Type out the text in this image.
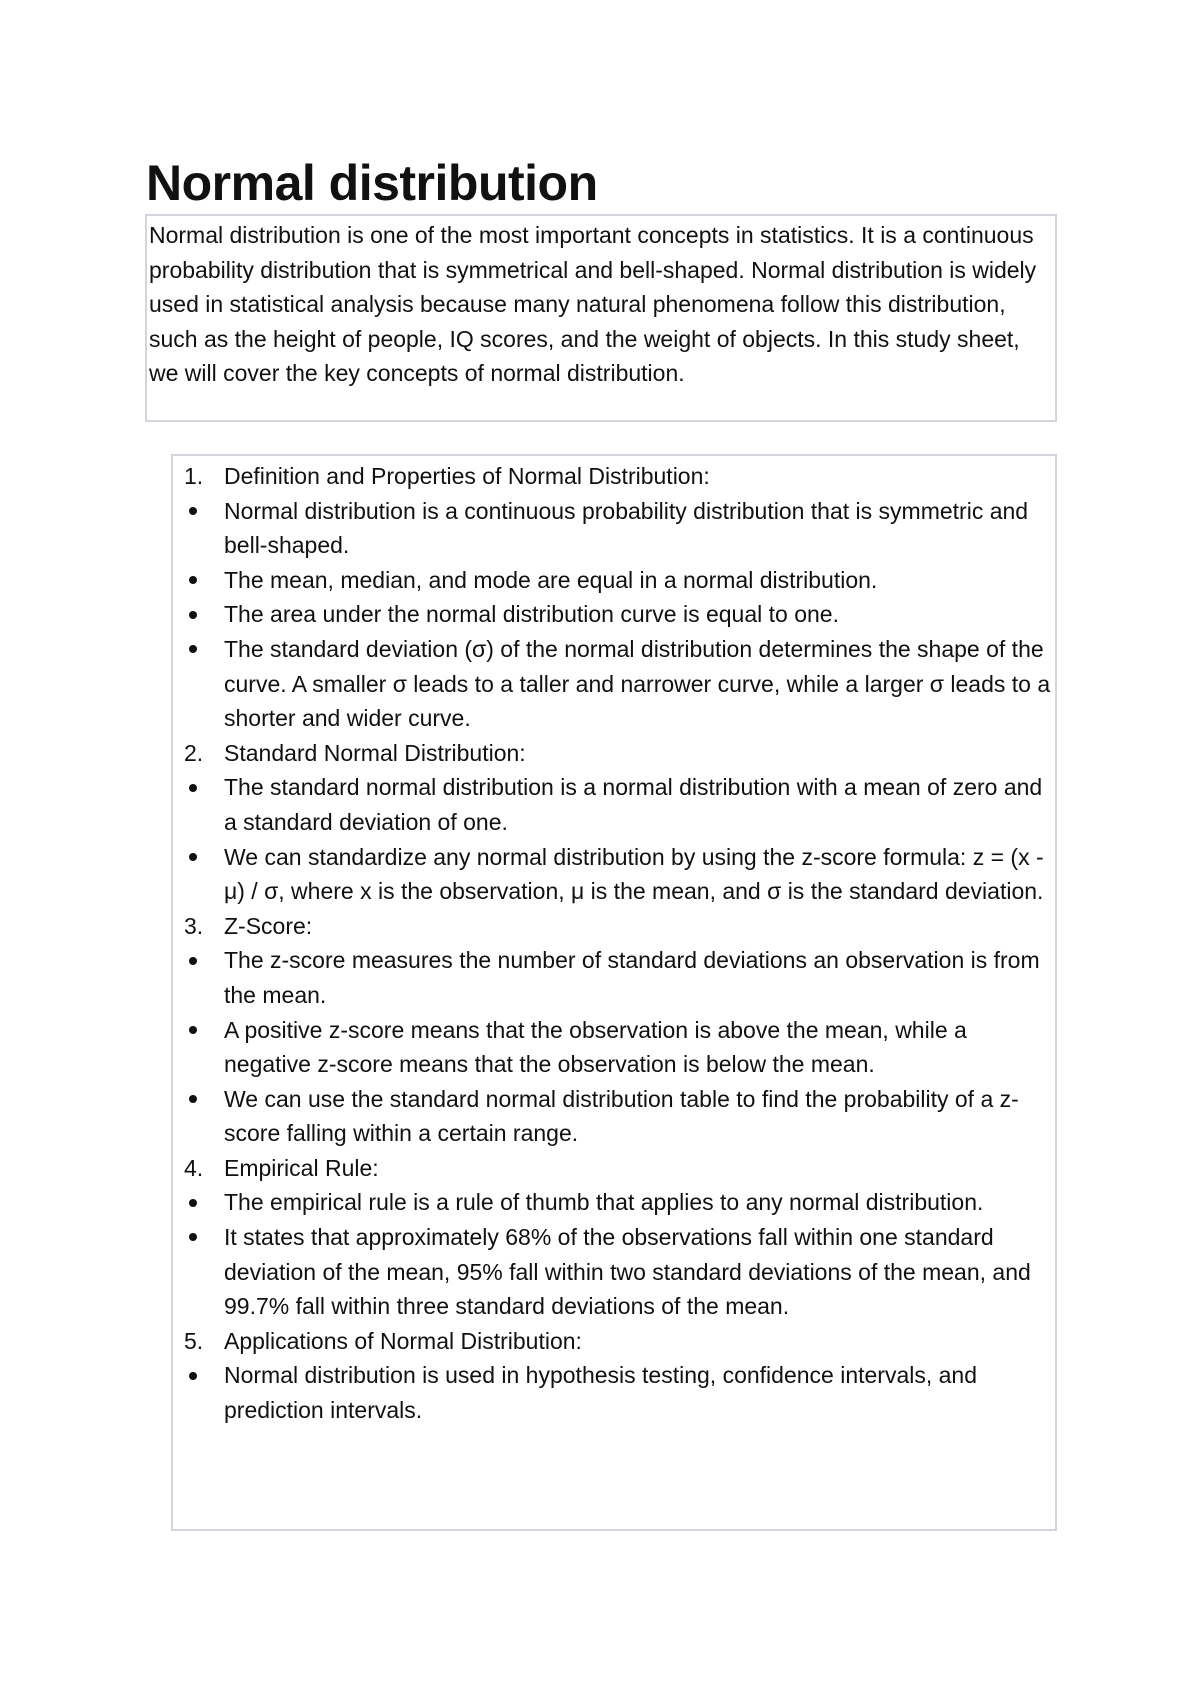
Normal distribution
Normal distribution is one of the most important concepts in statistics. It is a continuous probability distribution that is symmetrical and bell-shaped. Normal distribution is widely used in statistical analysis because many natural phenomena follow this distribution, such as the height of people, IQ scores, and the weight of objects. In this study sheet, we will cover the key concepts of normal distribution.
1. Definition and Properties of Normal Distribution:
Normal distribution is a continuous probability distribution that is symmetric and bell-shaped.
The mean, median, and mode are equal in a normal distribution.
The area under the normal distribution curve is equal to one.
The standard deviation (σ) of the normal distribution determines the shape of the curve. A smaller σ leads to a taller and narrower curve, while a larger σ leads to a shorter and wider curve.
2. Standard Normal Distribution:
The standard normal distribution is a normal distribution with a mean of zero and a standard deviation of one.
We can standardize any normal distribution by using the z-score formula: z = (x - μ) / σ, where x is the observation, μ is the mean, and σ is the standard deviation.
3. Z-Score:
The z-score measures the number of standard deviations an observation is from the mean.
A positive z-score means that the observation is above the mean, while a negative z-score means that the observation is below the mean.
We can use the standard normal distribution table to find the probability of a z-score falling within a certain range.
4. Empirical Rule:
The empirical rule is a rule of thumb that applies to any normal distribution.
It states that approximately 68% of the observations fall within one standard deviation of the mean, 95% fall within two standard deviations of the mean, and 99.7% fall within three standard deviations of the mean.
5. Applications of Normal Distribution:
Normal distribution is used in hypothesis testing, confidence intervals, and prediction intervals.
